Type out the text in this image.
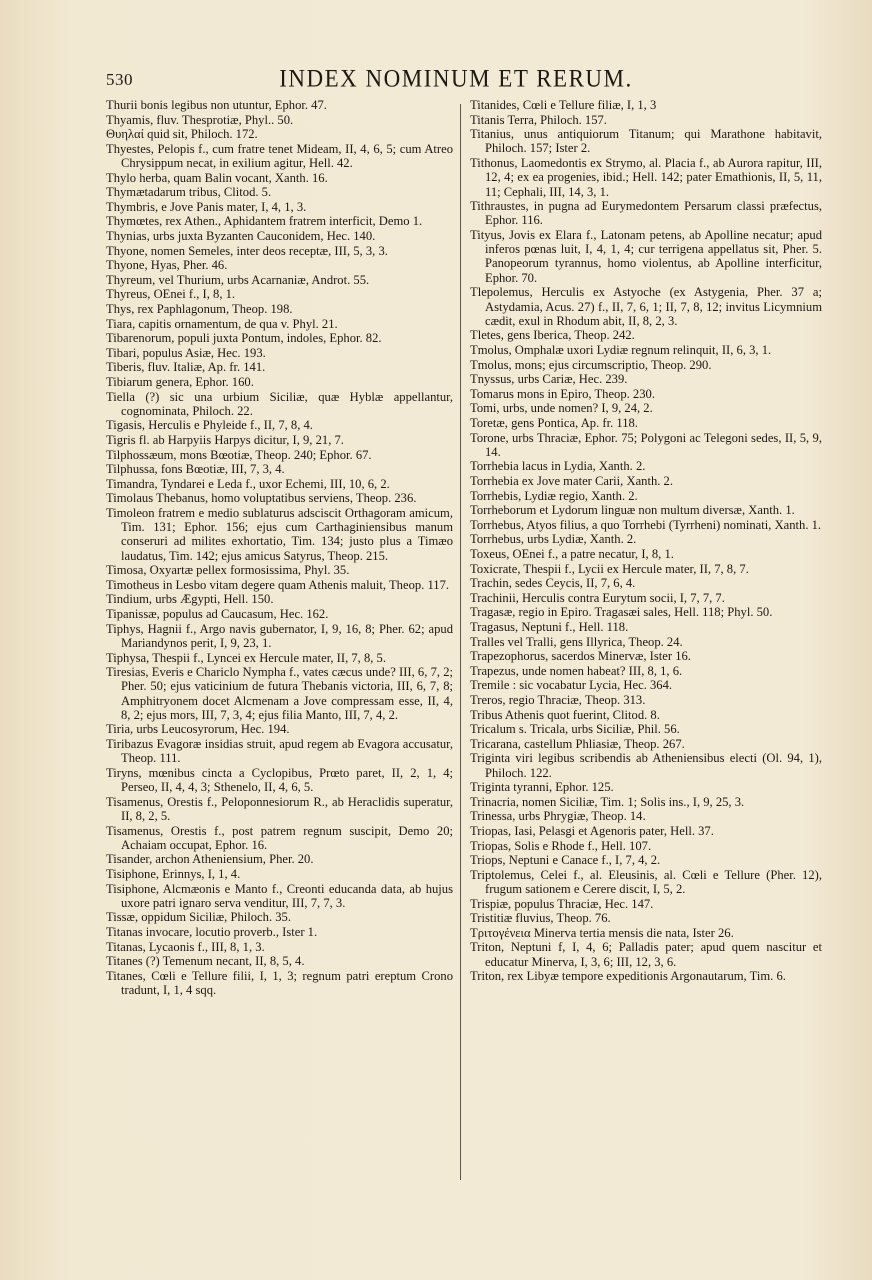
530	INDEX NOMINUM ET RERUM.

Thurii bonis legibus non utuntur, Ephor. 47.

Thyamis, fluv. Thesprotiæ, Phyl.. 50.

Θυηλαί quid sit, Philoch. 172.

Thyestes, Pelopis f., cum fratre tenet Mideam, II, 4, 6, 5; cum Atreo Chrysippum necat, in exilium agitur, Hell. 42.

Thylo herba, quam Balin vocant, Xanth. 16.

Thymætadarum tribus, Clitod. 5.

Thymbris, e Jove Panis mater, I, 4, 1, 3.

Thymœtes, rex Athen., Aphidantem fratrem interficit, Demo 1.

Thynias, urbs juxta Byzanten Cauconidem, Hec. 140.

Thyone, nomen Semeles, inter deos receptæ, III, 5, 3, 3.

Thyone, Hyas, Pher. 46.

Thyreum, vel Thurium, urbs Acarnaniæ, Androt. 55.

Thyreus, OEnei f., I, 8, 1.

Thys, rex Paphlagonum, Theop. 198.

Tiara, capitis ornamentum, de qua v. Phyl. 21.

Tibarenorum, populi juxta Pontum, indoles, Ephor. 82.

Tibari, populus Asiæ, Hec. 193.

Tiberis, fluv. Italiæ, Ap. fr. 141.

Tibiarum genera, Ephor. 160.

Tiella (?) sic una urbium Siciliæ, quæ Hyblæ appellantur, cognominata, Philoch. 22.

Tigasis, Herculis e Phyleide f., II, 7, 8, 4.

Tigris fl. ab Harpyiis Harpys dicitur, I, 9, 21, 7.

Tilphossæum, mons Bœotiæ, Theop. 240; Ephor. 67.

Tilphussa, fons Bœotiæ, III, 7, 3, 4.

Timandra, Tyndarei e Leda f., uxor Echemi, III, 10, 6, 2.

Timolaus Thebanus, homo voluptatibus serviens, Theop. 236.

Timoleon fratrem e medio sublaturus adsciscit Orthagoram amicum, Tim. 131; Ephor. 156; ejus cum Carthaginiensibus manum conseruri ad milites exhortatio, Tim. 134; justo plus a Timæo laudatus, Tim. 142; ejus amicus Satyrus, Theop. 215.

Timosa, Oxyartæ pellex formosissima, Phyl. 35.

Timotheus in Lesbo vitam degere quam Athenis maluit, Theop. 117.

Tindium, urbs Ægypti, Hell. 150.

Tipanissæ, populus ad Caucasum, Hec. 162.

Tiphys, Hagnii f., Argo navis gubernator, I, 9, 16, 8; Pher. 62; apud Mariandynos perit, I, 9, 23, 1.

Tiphysa, Thespii f., Lyncei ex Hercule mater, II, 7, 8, 5.

Tiresias, Everis e Chariclo Nympha f., vates cæcus unde? III, 6, 7, 2; Pher. 50; ejus vaticinium de futura Thebanis victoria, III, 6, 7, 8; Amphitryonem docet Alcmenam a Jove compressam esse, II, 4, 8, 2; ejus mors, III, 7, 3, 4; ejus filia Manto, III, 7, 4, 2.

Tiria, urbs Leucosyrorum, Hec. 194.

Tiribazus Evagoræ insidias struit, apud regem ab Evagora accusatur, Theop. 111.

Tiryns, mœnibus cincta a Cyclopibus, Prœto paret, II, 2, 1, 4; Perseo, II, 4, 4, 3; Sthenelo, II, 4, 6, 5.

Tisamenus, Orestis f., Peloponnesiorum R., ab Heraclidis superatur, II, 8, 2, 5.

Tisamenus, Orestis f., post patrem regnum suscipit, Demo 20; Achaiam occupat, Ephor. 16.

Tisander, archon Atheniensium, Pher. 20.

Tisiphone, Erinnys, I, 1, 4.

Tisiphone, Alcmæonis e Manto f., Creonti educanda data, ab hujus uxore patri ignaro serva venditur, III, 7, 7, 3.

Tissæ, oppidum Siciliæ, Philoch. 35.

Titanas invocare, locutio proverb., Ister 1.

Titanas, Lycaonis f., III, 8, 1, 3.

Titanes (?) Temenum necant, II, 8, 5, 4.

Titanes, Cœli e Tellure filii, I, 1, 3; regnum patri ereptum Crono tradunt, I, 1, 4 sqq.

Titanides, Cœli e Tellure filiæ, I, 1, 3

Titanis Terra, Philoch. 157.

Titanius, unus antiquiorum Titanum; qui Marathone habitavit, Philoch. 157; Ister 2.

Tithonus, Laomedontis ex Strymo, al. Placia f., ab Aurora rapitur, III, 12, 4; ex ea progenies, ibid.; Hell. 142; pater Emathionis, II, 5, 11, 11; Cephali, III, 14, 3, 1.

Tithraustes, in pugna ad Eurymedontem Persarum classi præfectus, Ephor. 116.

Tityus, Jovis ex Elara f., Latonam petens, ab Apolline necatur; apud inferos pœnas luit, I, 4, 1, 4; cur terrigena appellatus sit, Pher. 5. Panopeorum tyrannus, homo violentus, ab Apolline interficitur, Ephor. 70.

Tlepolemus, Herculis ex Astyoche (ex Astygenia, Pher. 37 a; Astydamia, Acus. 27) f., II, 7, 6, 1; II, 7, 8, 12; invitus Licymnium cædit, exul in Rhodum abit, II, 8, 2, 3.

Tletes, gens Iberica, Theop. 242.

Tmolus, Omphalæ uxori Lydiæ regnum relinquit, II, 6, 3, 1.

Tmolus, mons; ejus circumscriptio, Theop. 290.

Tnyssus, urbs Cariæ, Hec. 239.

Tomarus mons in Epiro, Theop. 230.

Tomi, urbs, unde nomen? I, 9, 24, 2.

Toretæ, gens Pontica, Ap. fr. 118.

Torone, urbs Thraciæ, Ephor. 75; Polygoni ac Telegoni sedes, II, 5, 9, 14.

Torrhebia lacus in Lydia, Xanth. 2.

Torrhebia ex Jove mater Carii, Xanth. 2.

Torrhebis, Lydiæ regio, Xanth. 2.

Torrheborum et Lydorum linguæ non multum diversæ, Xanth. 1.

Torrhebus, Atyos filius, a quo Torrhebi (Tyrrheni) nominati, Xanth. 1.

Torrhebus, urbs Lydiæ, Xanth. 2.

Toxeus, OEnei f., a patre necatur, I, 8, 1.

Toxicrate, Thespii f., Lycii ex Hercule mater, II, 7, 8, 7.

Trachin, sedes Ceycis, II, 7, 6, 4.

Trachinii, Herculis contra Eurytum socii, I, 7, 7, 7.

Tragasæ, regio in Epiro. Tragasæi sales, Hell. 118; Phyl. 50.

Tragasus, Neptuni f., Hell. 118.

Tralles vel Tralli, gens Illyrica, Theop. 24.

Trapezophorus, sacerdos Minervæ, Ister 16.

Trapezus, unde nomen habeat? III, 8, 1, 6.

Tremile : sic vocabatur Lycia, Hec. 364.

Treros, regio Thraciæ, Theop. 313.

Tribus Athenis quot fuerint, Clitod. 8.

Tricalum s. Tricala, urbs Siciliæ, Phil. 56.

Tricarana, castellum Phliasiæ, Theop. 267.

Triginta viri legibus scribendis ab Atheniensibus electi (Ol. 94, 1), Philoch. 122.

Triginta tyranni, Ephor. 125.

Trinacria, nomen Siciliæ, Tim. 1; Solis ins., I, 9, 25, 3.

Trinessa, urbs Phrygiæ, Theop. 14.

Triopas, Iasi, Pelasgi et Agenoris pater, Hell. 37.

Triopas, Solis e Rhode f., Hell. 107.

Triops, Neptuni e Canace f., I, 7, 4, 2.

Triptolemus, Celei f., al. Eleusinis, al. Cœli e Tellure (Pher. 12), frugum sationem e Cerere discit, I, 5, 2.

Trispiæ, populus Thraciæ, Hec. 147.

Tristitiæ fluvius, Theop. 76.

Τριτογένεια Minerva tertia mensis die nata, Ister 26.

Triton, Neptuni f, I, 4, 6; Palladis pater; apud quem nascitur et educatur Minerva, I, 3, 6; III, 12, 3, 6.

Triton, rex Libyæ tempore expeditionis Argonautarum, Tim. 6.
